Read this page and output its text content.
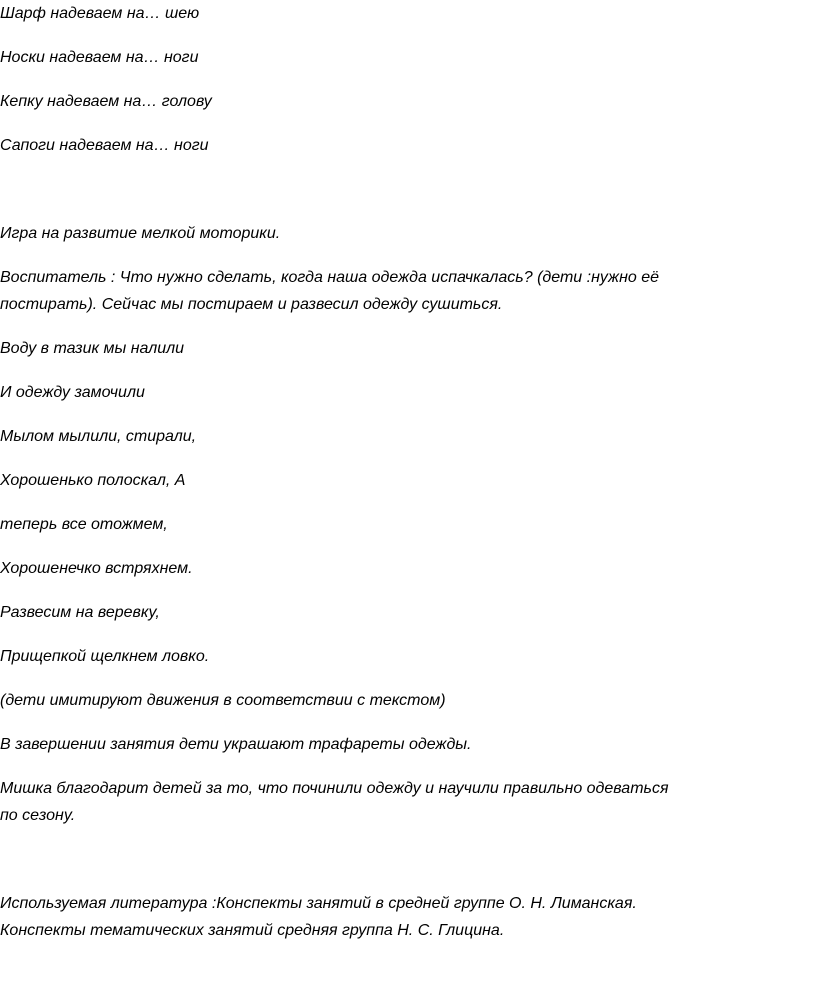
Шарф надеваем на… шею
Носки надеваем на… ноги
Кепку надеваем на… голову
Сапоги надеваем на… ноги
Игра на развитие мелкой моторики.
Воспитатель : Что нужно сделать, когда наша одежда испачкалась? (дети :нужно её
постирать). Сейчас мы постираем и развесил одежду сушиться.
Воду в тазик мы налили
И одежду замочили
Мылом мылили, стирали,
Хорошенько полоскал, А
теперь все отожмем,
Хорошенечко встряхнем.
Развесим на веревку,
Прищепкой щелкнем ловко.
(дети имитируют движения в соответствии с текстом)
В завершении занятия дети украшают трафареты одежды.
Мишка благодарит детей за то, что починили одежду и научили правильно одеваться
по сезону.
Используемая литература :Конспекты занятий в средней группе О. Н. Лиманская.
Конспекты тематических занятий средняя группа Н. С. Глицина.
